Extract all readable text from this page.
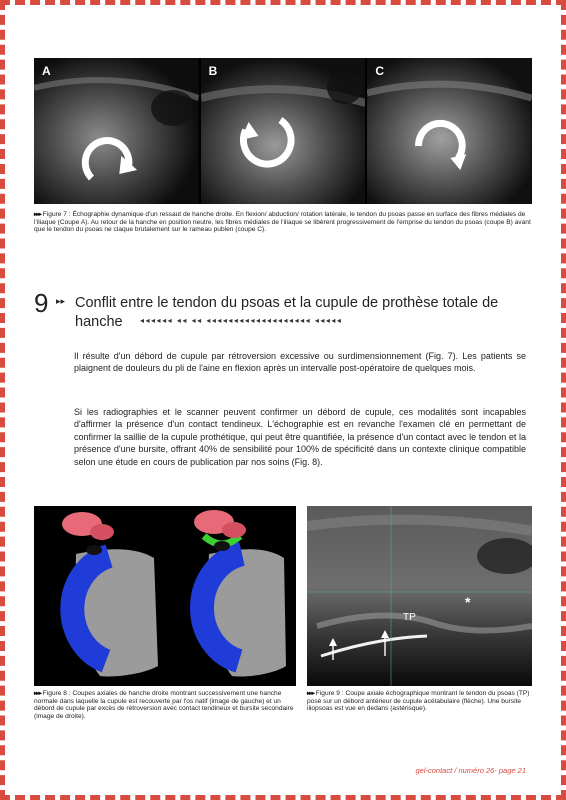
A	B	C
▸▸▸ Figure 7 : Échographie dynamique d'un ressaut de hanche droite. En flexion/ abduction/ rotation latérale, le tendon du psoas passe en surface des fibres médiales de l'iliaque (Coupe A). Au retour de la hanche en position neutre, les fibres médiales de l'iliaque se libèrent progressivement de l'emprise du tendon du psoas (coupe B) avant que le tendon du psoas ne claque brutalement sur le rameau pubien (coupe C).
9 ▸▸ Conflit entre le tendon du psoas et la cupule de prothèse totale de hanche	◂◂◂◂◂◂ ◂◂ ◂◂ ◂◂◂◂◂◂◂◂◂◂◂◂◂◂◂◂◂◂◂ ◂◂◂◂◂

Il résulte d'un débord de cupule par rétroversion excessive ou surdimensionnement (Fig. 7). Les patients se plaignent de douleurs du pli de l'aine en flexion après un intervalle post-opératoire de quelques mois.

Si les radiographies et le scanner peuvent confirmer un débord de cupule, ces modalités sont incapables d'affirmer la présence d'un contact tendineux. L'échographie est en revanche l'examen clé en permettant de confirmer la saillie de la cupule prothétique, qui peut être quantifiée, la présence d'un contact avec le tendon et la présence d'une bursite, offrant 40% de sensibilité pour 100% de spécificité dans un contexte clinique compatible selon une étude en cours de publication par nos soins (Fig. 8).

TP
*
▸▸▸ Figure 8 : Coupes axiales de hanche droite montrant successivement une hanche normale dans laquelle la cupule est recouverte par l'os natif (image de gauche) et un débord de cupule par excès de rétroversion avec contact tendineux et bursite secondaire (image de droite).
▸▸▸ Figure 9 : Coupe axiale échographique montrant le tendon du psoas (TP) posé sur un débord antérieur de cupule acétabulaire (flèche). Une bursite iliopsoas est vue en dedans (astérisque).
gel-contact / numéro 26- page 21
